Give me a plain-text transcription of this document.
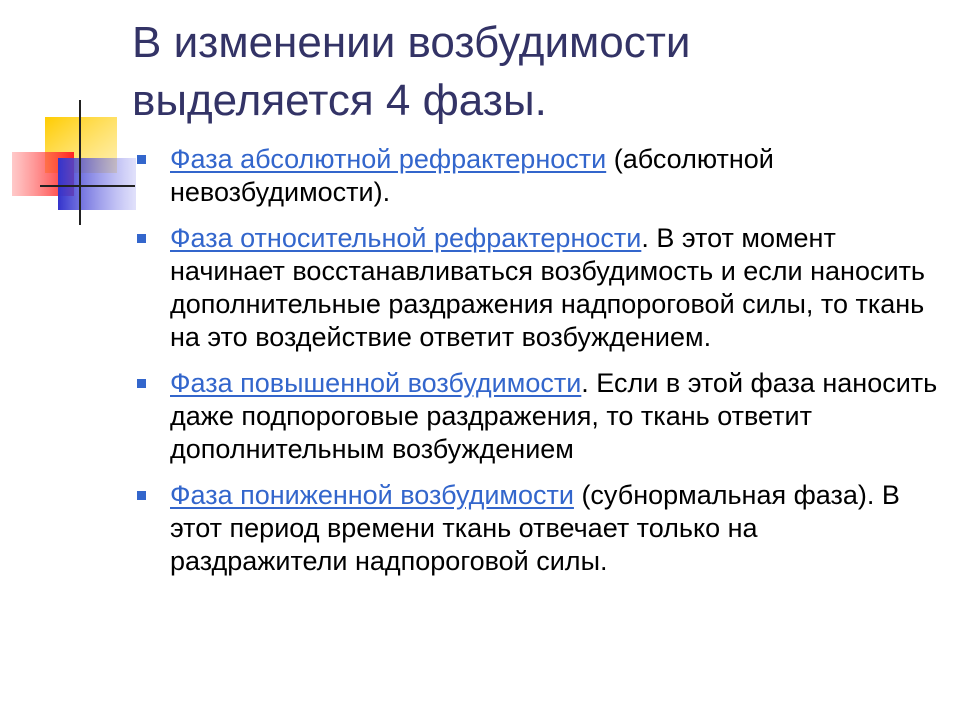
В изменении возбудимости
выделяется 4 фазы.
Фаза абсолютной рефрактерности (абсолютной невозбудимости).
Фаза относительной рефрактерности. В этот момент начинает восстанавливаться возбудимость и если наносить дополнительные раздражения надпороговой силы, то ткань на это воздействие ответит возбуждением.
Фаза повышенной возбудимости. Если в этой фаза наносить даже подпороговые раздражения, то ткань ответит дополнительным возбуждением
Фаза пониженной возбудимости (субнормальная фаза). В этот период времени ткань отвечает только на раздражители надпороговой силы.
